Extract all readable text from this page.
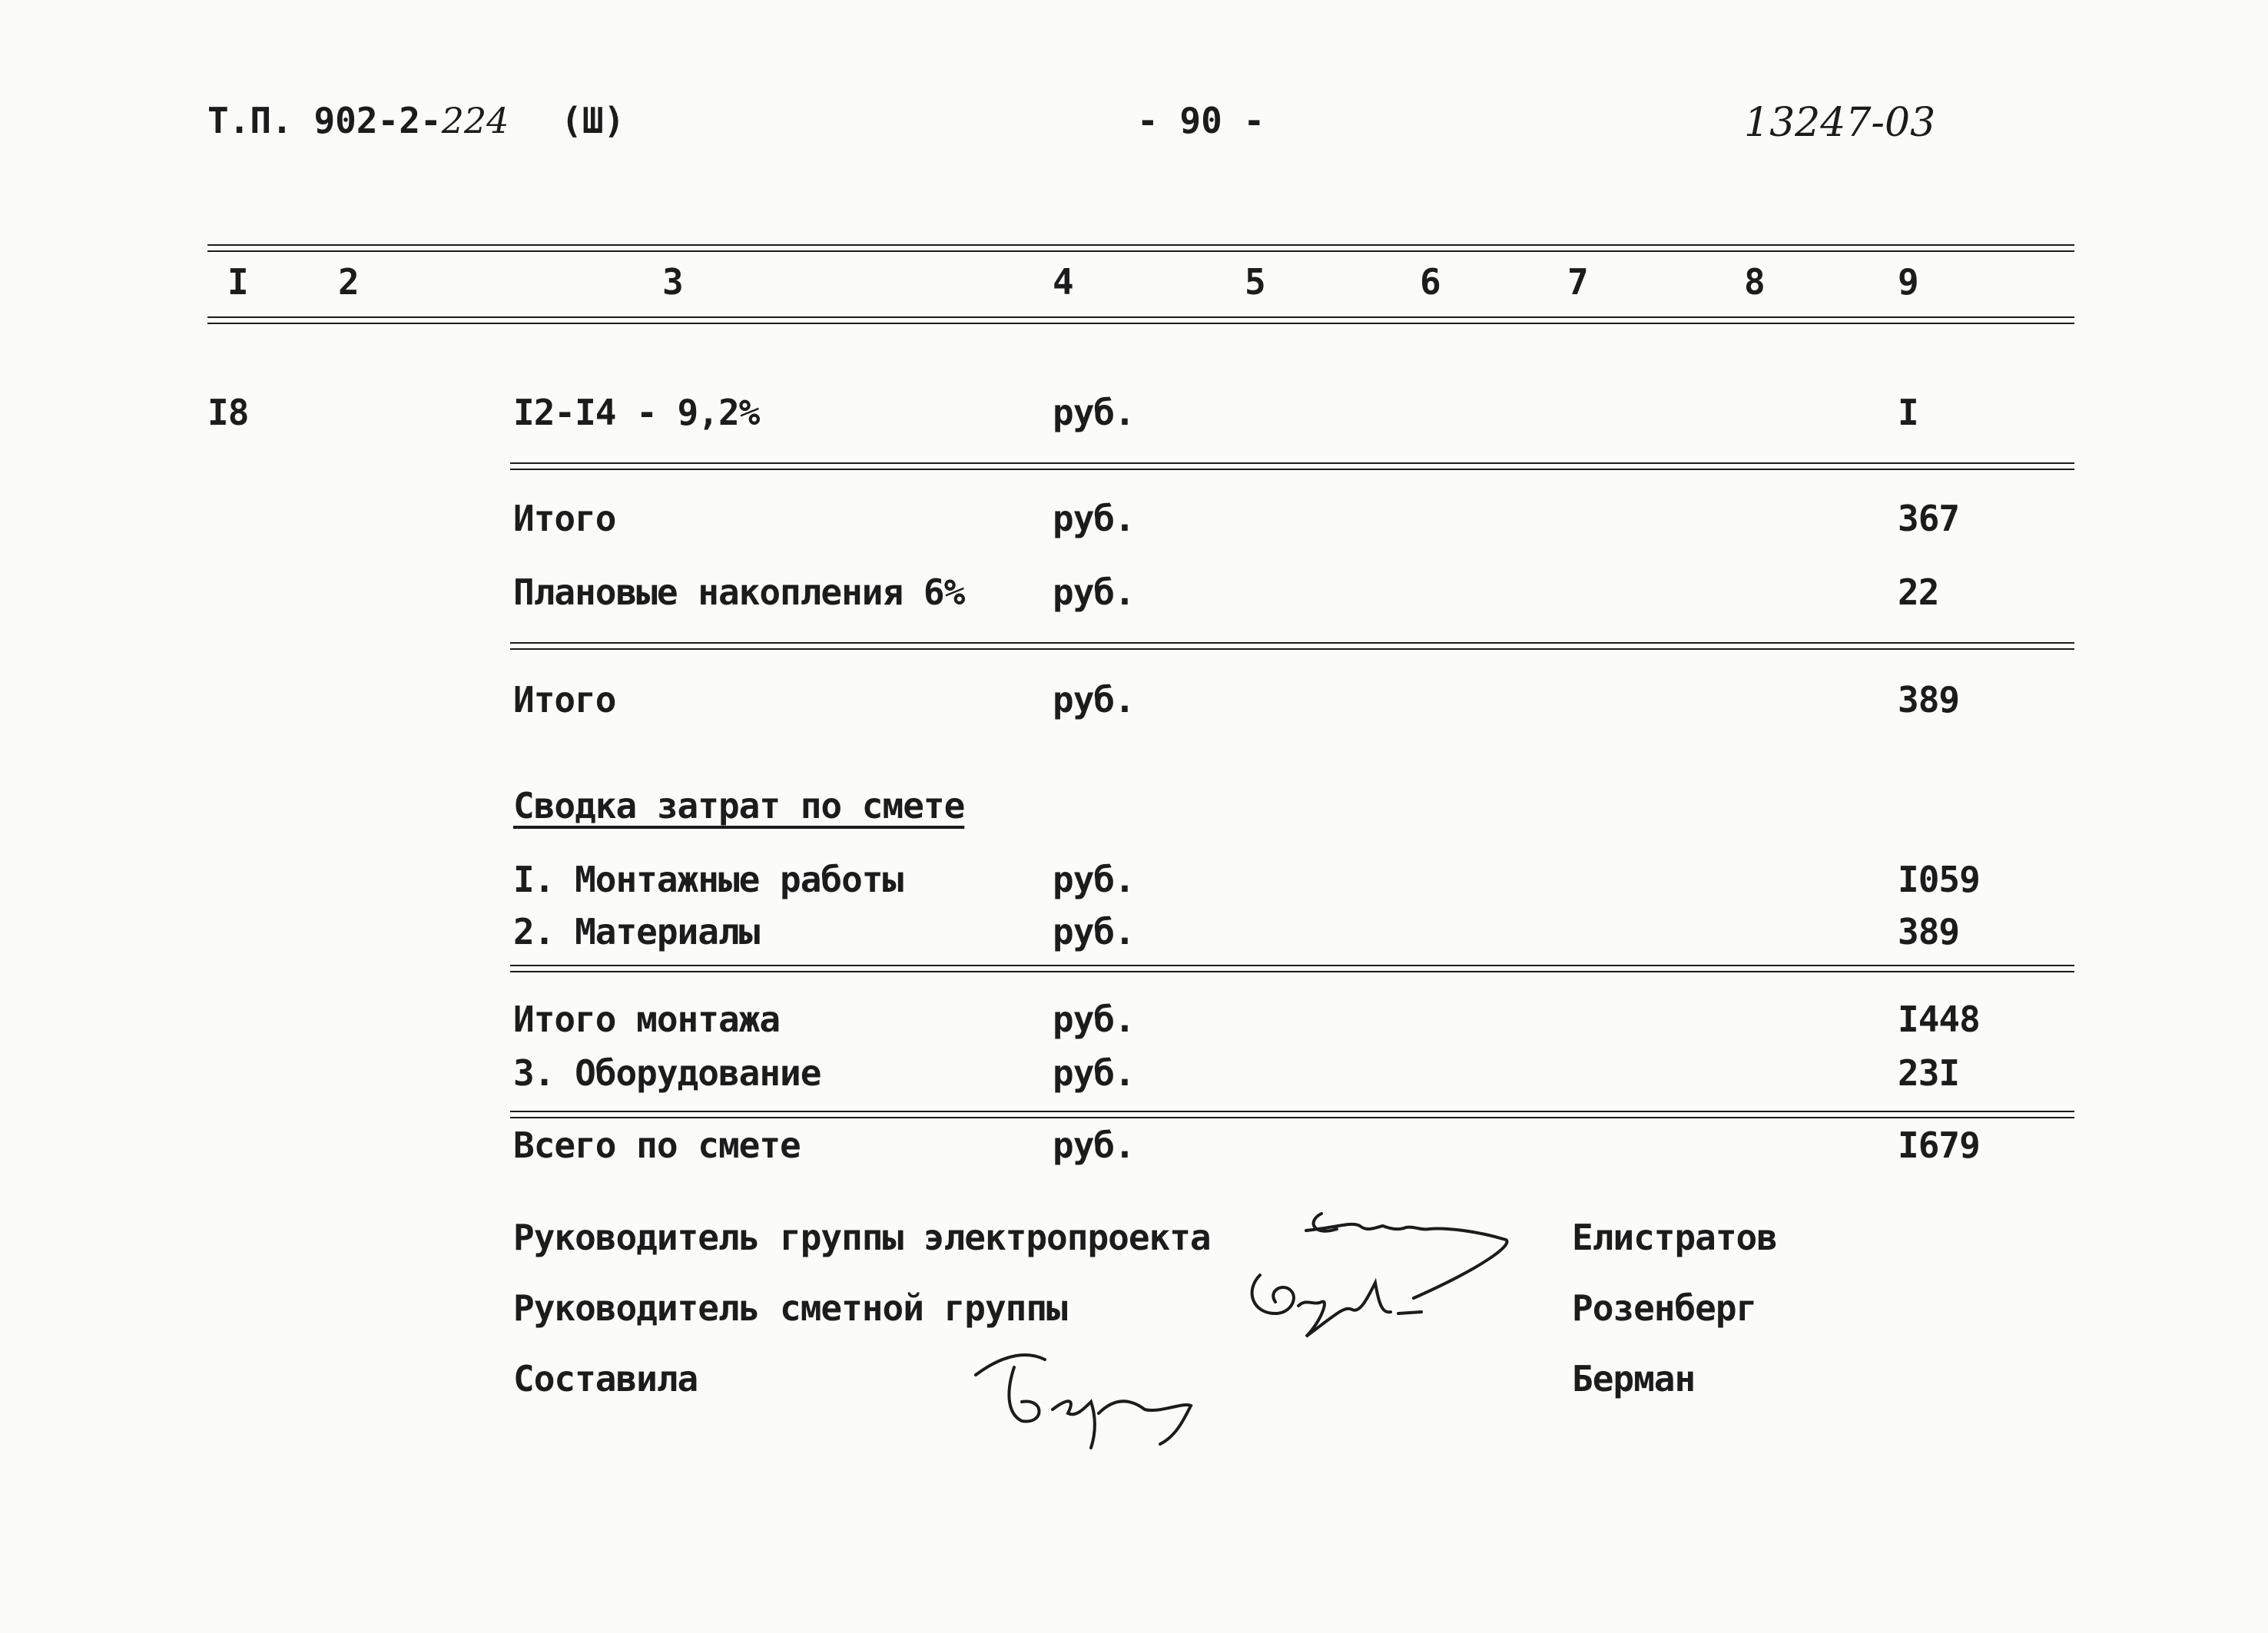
Т.П. 902-2-224 (Ш)	- 90 -	13247-03
I	2	3	4	5	6	7	8	9
I8	I2-I4 - 9,2%	руб.	I
Итого	руб.	367
Плановые накопления 6% руб.	22
Итого	руб.	389
Сводка затрат по смете
I. Монтажные работы	руб.	I059
2. Материалы	руб.	389
Итого монтажа	руб.	I448
3. Оборудование	руб.	23I
Всего по смете	руб.	I679
Руководитель группы электропроекта	Елистратов
Руководитель сметной группы	Розенберг
Составила	Берман
